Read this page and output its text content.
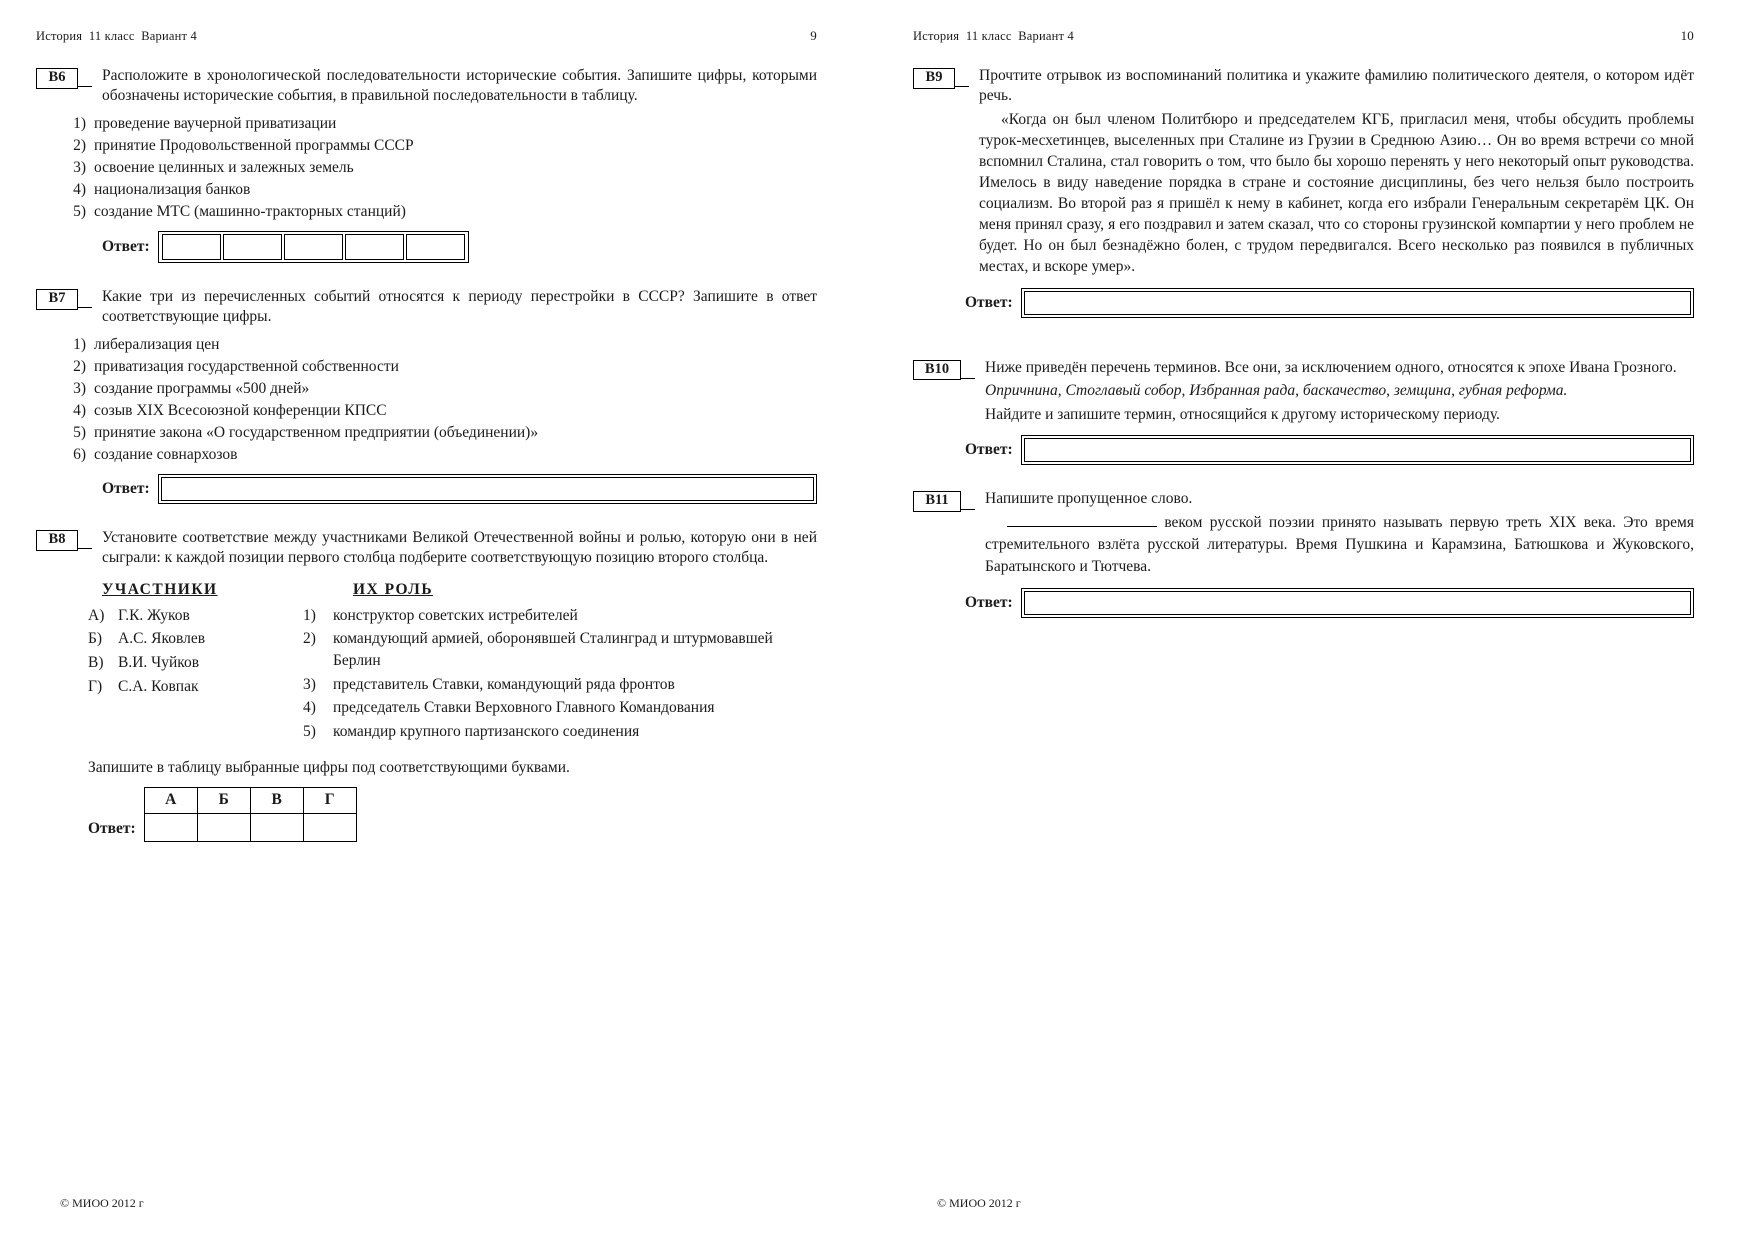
История  11 класс  Вариант 4	9
B6	Расположите в хронологической последовательности исторические события. Запишите цифры, которыми обозначены исторические события, в правильной последовательности в таблицу.

1) проведение ваучерной приватизации
2) принятие Продовольственной программы СССР
3) освоение целинных и залежных земель
4) национализация банков
5) создание МТС (машинно-тракторных станций)
Ответ:
B7	Какие три из перечисленных событий относятся к периоду перестройки в СССР? Запишите в ответ соответствующие цифры.

1) либерализация цен
2) приватизация государственной собственности
3) создание программы «500 дней»
4) созыв XIX Всесоюзной конференции КПСС
5) принятие закона «О государственном предприятии (объединении)»
6) создание совнархозов
Ответ:
B8	Установите соответствие между участниками Великой Отечественной войны и ролью, которую они в ней сыграли: к каждой позиции первого столбца подберите соответствующую позицию второго столбца.

УЧАСТНИКИ
А) Г.К. Жуков
Б)	А.С. Яковлев
В) В.И. Чуйков
Г)	С.А. Ковпак
ИХ РОЛЬ
1)	конструктор советских истребителей
2)	командующий армией, оборонявшей Сталинград и штурмовавшей Берлин
3)	представитель Ставки, командующий ряда фронтов
4)	председатель Ставки Верховного Главного Командования
5)	командир крупного партизанского соединения
Запишите в таблицу выбранные цифры под соответствующими буквами.
Ответ:
А	Б	В	Г

© МИОО 2012 г
История  11 класс  Вариант 4	10
B9	Прочтите отрывок из воспоминаний политика и укажите фамилию политического деятеля, о котором идёт речь.

«Когда он был членом Политбюро и председателем КГБ, пригласил меня, чтобы обсудить проблемы турок-месхетинцев, выселенных при Сталине из Грузии в Среднюю Азию… Он во время встречи со мной вспомнил Сталина, стал говорить о том, что было бы хорошо перенять у него некоторый опыт руководства. Имелось в виду наведение порядка в стране и состояние дисциплины, без чего нельзя было построить социализм. Во второй раз я пришёл к нему в кабинет, когда его избрали Генеральным секретарём ЦК. Он меня принял сразу, я его поздравил и затем сказал, что со стороны грузинской компартии у него проблем не будет. Но он был безнадёжно болен, с трудом передвигался. Всего несколько раз появился в публичных местах, и вскоре умер».

Ответ:
B10	Ниже приведён перечень терминов. Все они, за исключением одного, относятся к эпохе Ивана Грозного.

Опричнина, Стоглавый собор, Избранная рада, баскачество, земщина, губная реформа.

Найдите и запишите термин, относящийся к другому историческому периоду.

Ответ:
B11	Напишите пропущенное слово.

веком русской поэзии принято называть первую треть XIX века. Это время стремительного взлёта русской литературы. Время Пушкина и Карамзина, Батюшкова и Жуковского, Баратынского и Тютчева.

Ответ:
© МИОО 2012 г
